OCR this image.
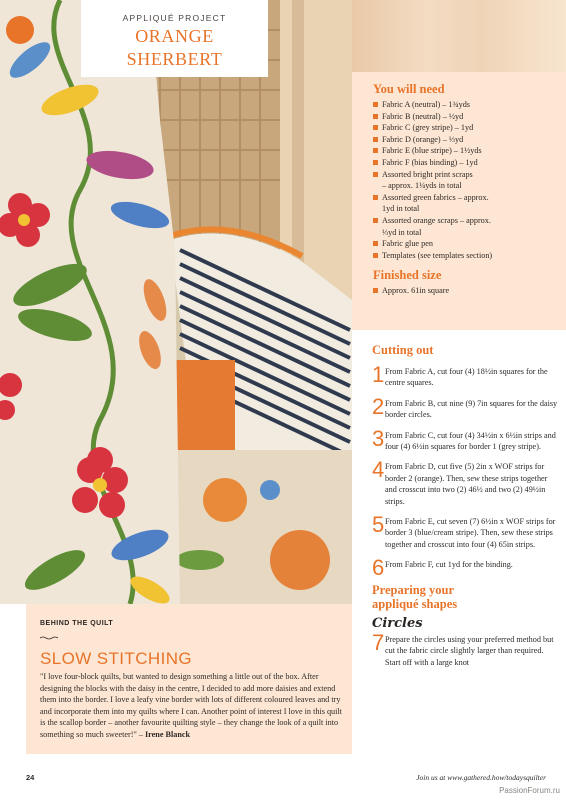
APPLIQUÉ PROJECT
ORANGE
SHERBERT
You will need
Fabric A (neutral) – 1¾yds
Fabric B (neutral) – ½yd
Fabric C (grey stripe) – 1yd
Fabric D (orange) – ⅓yd
Fabric E (blue stripe) – 1½yds
Fabric F (bias binding) – 1yd
Assorted bright print scraps
– approx. 1¼yds in total
Assorted green fabrics – approx.
1yd in total
Assorted orange scraps – approx.
⅓yd in total
Fabric glue pen
Templates (see templates section)
Finished size
Approx. 61in square
Cutting out
1 From Fabric A, cut four (4) 18½in squares for the centre squares.
2 From Fabric B, cut nine (9) 7in squares for the daisy border circles.
3 From Fabric C, cut four (4) 34½in x 6½in strips and four (4) 6½in squares for border 1 (grey stripe).
4 From Fabric D, cut five (5) 2in x WOF strips for border 2 (orange). Then, sew these strips together and crosscut into two (2) 46½ and two (2) 49½in strips.
5 From Fabric E, cut seven (7) 6½in x WOF strips for border 3 (blue/cream stripe). Then, sew these strips together and crosscut into four (4) 65in strips.
6 From Fabric F, cut 1yd for the binding.
Preparing your
appliqué shapes
Circles
7 Prepare the circles using your preferred method but cut the fabric circle slightly larger than required. Start off with a large knot
BEHIND THE QUILT
SLOW STITCHING
"I love four-block quilts, but wanted to design something a little out of the box. After designing the blocks with the daisy in the centre, I decided to add more daisies and extend them into the border. I love a leafy vine border with lots of different coloured leaves and try and incorporate them into my quilts where I can. Another point of interest I love in this quilt is the scallop border – another favourite quilting style – they change the look of a quilt into something so much sweeter!" – Irene Blanck
24	Join us at www.gathered.how/todaysquilter
PassionForum.ru
